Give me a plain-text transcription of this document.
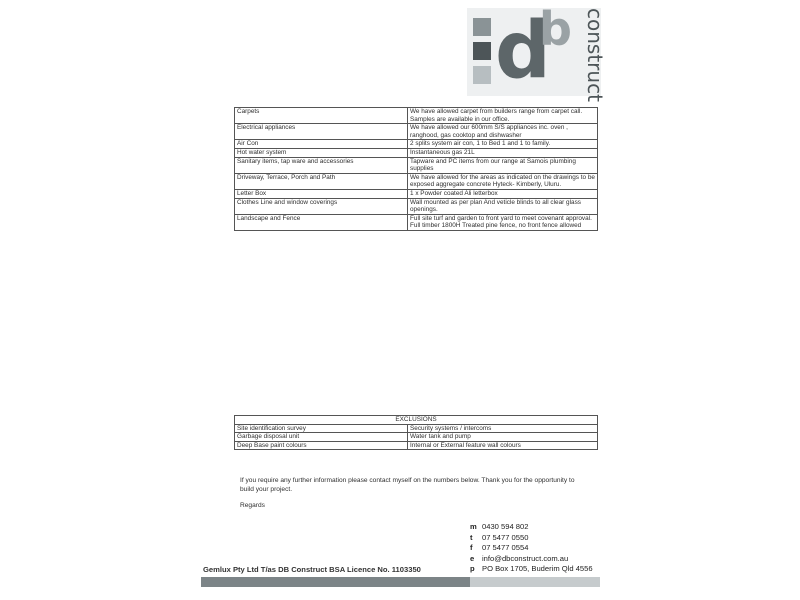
d
b construct
Carpets	We have allowed carpet from builders range from carpet call. Samples are available in our office.
Electrical appliances	We have allowed our 600mm S/S appliances inc. oven , ranghood, gas cooktop and dishwasher
Air Con	2 splits system air con, 1 to Bed 1 and 1 to family.
Hot water system	Instantaneous gas 21L
Sanitary items, tap ware and accessories	Tapware and PC items from our range at Samois plumbing supplies
Driveway, Terrace, Porch and Path	We have allowed for the areas as indicated on the drawings to be exposed aggregate concrete Hyteck- Kimberly, Uluru.
Letter Box	1 x Powder coated Ali letterbox
Clothes Line and window coverings	Wall mounted as per plan And veticle blinds to all clear glass openings.
Landscape and Fence	Full site turf and garden to front yard to meet covenant approval. Full timber 1800H Treated pine fence, no front fence allowed
EXCLUSIONS	
Site identification survey	Security systems / intercoms
Garbage disposal unit	Water tank and pump
Deep Base paint colours	Internal or External feature wall colours
If you require any further information please contact myself on the numbers below. Thank you for the opportunity to build your project.
Regards
m 0430 594 802
t	07 5477 0550
f	07 5477 0554
e	info@dbconstruct.com.au
p PO Box 1705, Buderim Qld 4556
Gemlux Pty Ltd T/as DB Construct BSA Licence No. 1103350
